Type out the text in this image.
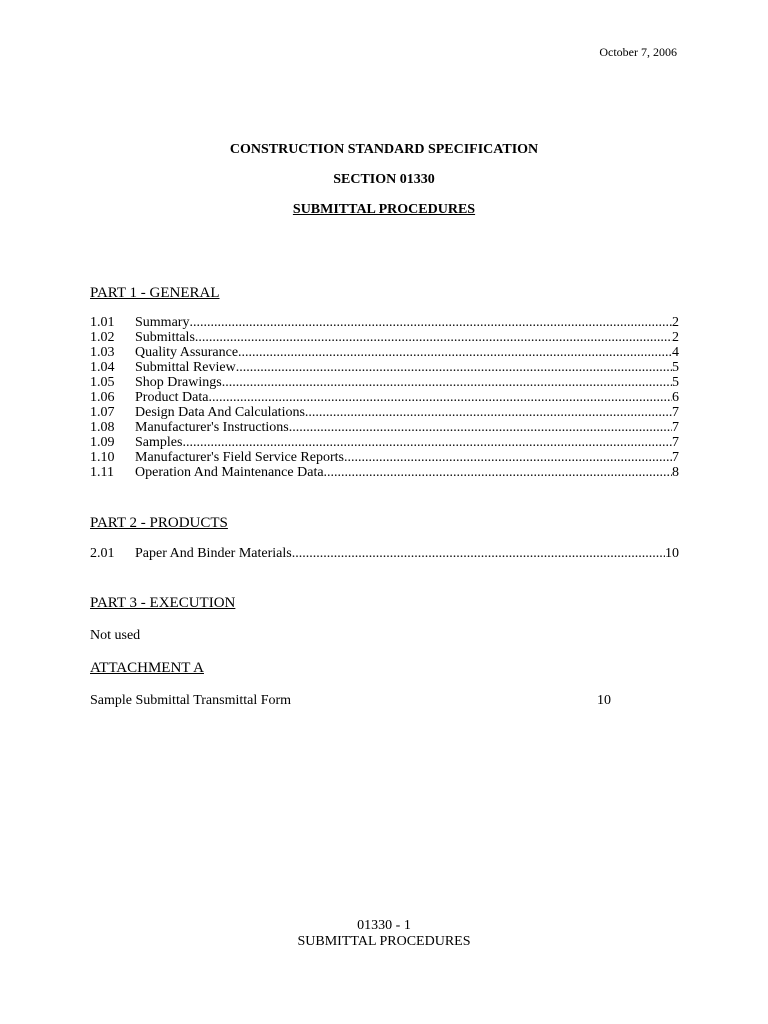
October 7, 2006
CONSTRUCTION STANDARD SPECIFICATION
SECTION 01330
SUBMITTAL PROCEDURES
PART 1 - GENERAL
1.01	Summary .....	2
1.02	Submittals .....	2
1.03	Quality Assurance .....	4
1.04	Submittal Review .....	5
1.05	Shop Drawings .....	5
1.06	Product Data .....	6
1.07	Design Data And Calculations .....	7
1.08	Manufacturer's Instructions .....	7
1.09	Samples .....	7
1.10	Manufacturer's Field Service Reports .....	7
1.11	Operation And Maintenance Data .....	8
PART 2 - PRODUCTS
2.01	Paper And Binder Materials .....	10
PART 3 - EXECUTION
Not used
ATTACHMENT A
Sample Submittal Transmittal Form	10
01330 - 1
SUBMITTAL PROCEDURES
